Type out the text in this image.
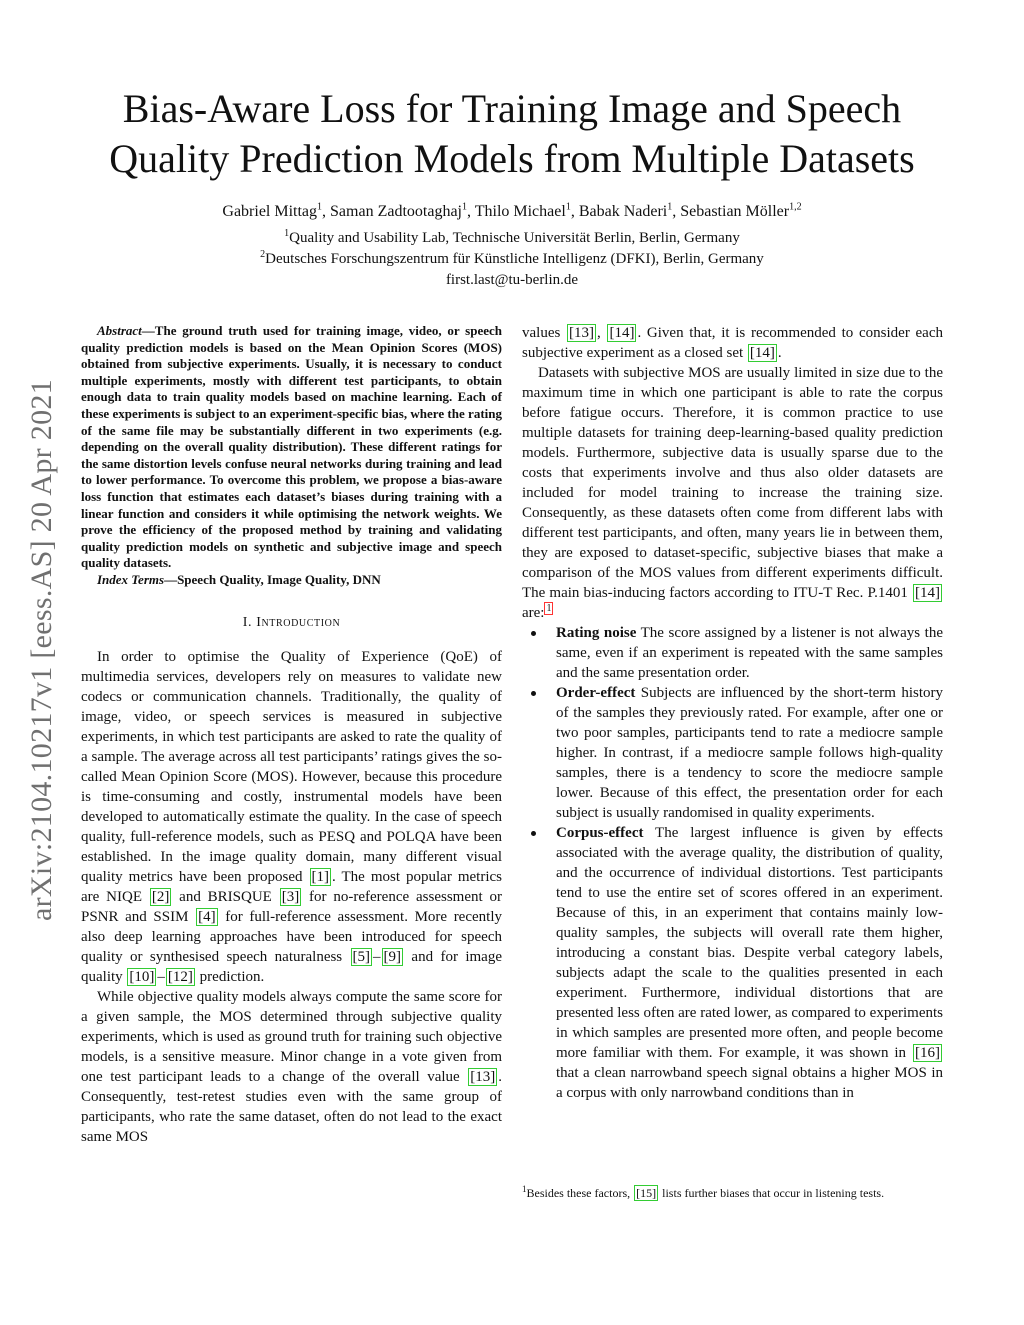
arXiv:2104.10217v1 [eess.AS] 20 Apr 2021
Bias-Aware Loss for Training Image and Speech
Quality Prediction Models from Multiple Datasets
Gabriel Mittag$^1$, Saman Zadtootaghaj$^1$, Thilo Michael$^1$, Babak Naderi$^1$, Sebastian Möller$^{1,2}$
$^1$Quality and Usability Lab, Technische Universität Berlin, Berlin, Germany
$^2$Deutsches Forschungszentrum für Künstliche Intelligenz (DFKI), Berlin, Germany
first.last@tu-berlin.de

Abstract—The ground truth used for training image, video, or speech quality prediction models is based on the Mean Opinion Scores (MOS) obtained from subjective experiments. Usually, it is necessary to conduct multiple experiments, mostly with different test participants, to obtain enough data to train quality models based on machine learning. Each of these experiments is subject to an experiment-specific bias, where the rating of the same file may be substantially different in two experiments (e.g. depending on the overall quality distribution). These different ratings for the same distortion levels confuse neural networks during training and lead to lower performance. To overcome this problem, we propose a bias-aware loss function that estimates each dataset’s biases during training with a linear function and considers it while optimising the network weights. We prove the efficiency of the proposed method by training and validating quality prediction models on synthetic and subjective image and speech quality datasets.

Index Terms—Speech Quality, Image Quality, DNN

I. Introduction

In order to optimise the Quality of Experience (QoE) of multimedia services, developers rely on measures to validate new codecs or communication channels. Traditionally, the quality of image, video, or speech services is measured in subjective experiments, in which test participants are asked to rate the quality of a sample. The average across all test participants’ ratings gives the so-called Mean Opinion Score (MOS). However, because this procedure is time-consuming and costly, instrumental models have been developed to automatically estimate the quality. In the case of speech quality, full-reference models, such as PESQ and POLQA have been established. In the image quality domain, many different visual quality metrics have been proposed [1] . The most popular metrics are NIQE [2] and BRISQUE [3] for no-reference assessment or PSNR and SSIM [4] for full-reference assessment. More recently also deep learning approaches have been introduced for speech quality or synthesised speech naturalness [5] – [9] and for image quality [10] – [12] prediction.

While objective quality models always compute the same score for a given sample, the MOS determined through subjective quality experiments, which is used as ground truth for training such objective models, is a sensitive measure. Minor change in a vote given from one test participant leads to a change of the overall value [13] . Consequently, test-retest studies even with the same group of participants, who rate the same dataset, often do not lead to the exact same MOS

values [13] , [14] . Given that, it is recommended to consider each subjective experiment as a closed set [14] .

Datasets with subjective MOS are usually limited in size due to the maximum time in which one participant is able to rate the corpus before fatigue occurs. Therefore, it is common practice to use multiple datasets for training deep-learning-based quality prediction models. Furthermore, subjective data is usually sparse due to the costs that experiments involve and thus also older datasets are included for model training to increase the training size. Consequently, as these datasets often come from different labs with different test participants, and often, many years lie in between them, they are exposed to dataset-specific, subjective biases that make a comparison of the MOS values from different experiments difficult. The main bias-inducing factors according to ITU-T Rec. P.1401 [14] are: $^1$

Rating noise The score assigned by a listener is not always the same, even if an experiment is repeated with the same samples and the same presentation order.
Order-effect Subjects are influenced by the short-term history of the samples they previously rated. For example, after one or two poor samples, participants tend to rate a mediocre sample higher. In contrast, if a mediocre sample follows high-quality samples, there is a tendency to score the mediocre sample lower. Because of this effect, the presentation order for each subject is usually randomised in quality experiments.
Corpus-effect The largest influence is given by effects associated with the average quality, the distribution of quality, and the occurrence of individual distortions. Test participants tend to use the entire set of scores offered in an experiment. Because of this, in an experiment that contains mainly low-quality samples, the subjects will overall rate them higher, introducing a constant bias. Despite verbal category labels, subjects adapt the scale to the qualities presented in each experiment. Furthermore, individual distortions that are presented less often are rated lower, as compared to experiments in which samples are presented more often, and people become more familiar with them. For example, it was shown in [16] that a clean narrowband speech signal obtains a higher MOS in a corpus with only narrowband conditions than in
$^1$Besides these factors, [15] lists further biases that occur in listening tests.
